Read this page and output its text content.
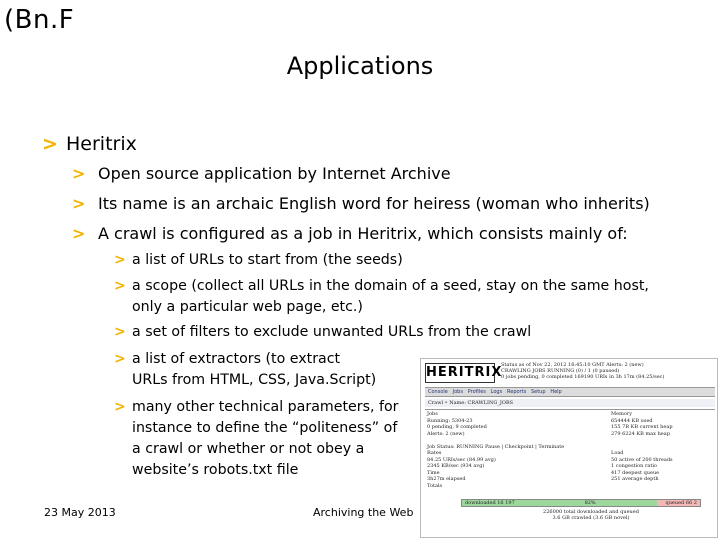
(Bn.F
Applications
> Heritrix
> Open source application by Internet Archive
> Its name is an archaic English word for heiress (woman who inherits)
> A crawl is configured as a job in Heritrix, which consists mainly of:
> a list of URLs to start from (the seeds)
> a scope (collect all URLs in the domain of a seed, stay on the same host, only a particular web page, etc.)
> a set of filters to exclude unwanted URLs from the crawl
> a list of extractors (to extract URLs from HTML, CSS, Java.Script)
> many other technical parameters, for instance to define the “politeness” of a crawl or whether or not obey a website’s robots.txt file
HERITRIX
Status as of Nov 22, 2012 16:45:10 GMT Alerts: 2 (new)
CRAWLING JOBS RUNNING (0) / 1 (0 paused)
0 jobs pending, 0 completed 169190 URIs in 3h 17m (84.25/sec)
Console Jobs Profiles Logs Reports Setup Help
Crawl • Name: CRAWLING_JOBS
Jobs
Running: 5304-23
0 pending, 9 completed
Alerts: 2 (new)

Job Status: RUNNING Pause | Checkpoint | Terminate
Rates
84.25 URIs/sec (84.99 avg)
2345 KB/sec (934 avg)
Time
3h27m elapsed
Totals
Memory
654444 KB used
155 7B KB current heap
279 6224 KB max heap

Load
50 active of 200 threads
1 congestion ratio
417 deepest queue
251 average depth
downloaded 16 197	82%	queued 66 2
226000 total downloaded and queued
3.6 GB crawled (3.6 GB novel)
23 May 2013	Archiving the Web
